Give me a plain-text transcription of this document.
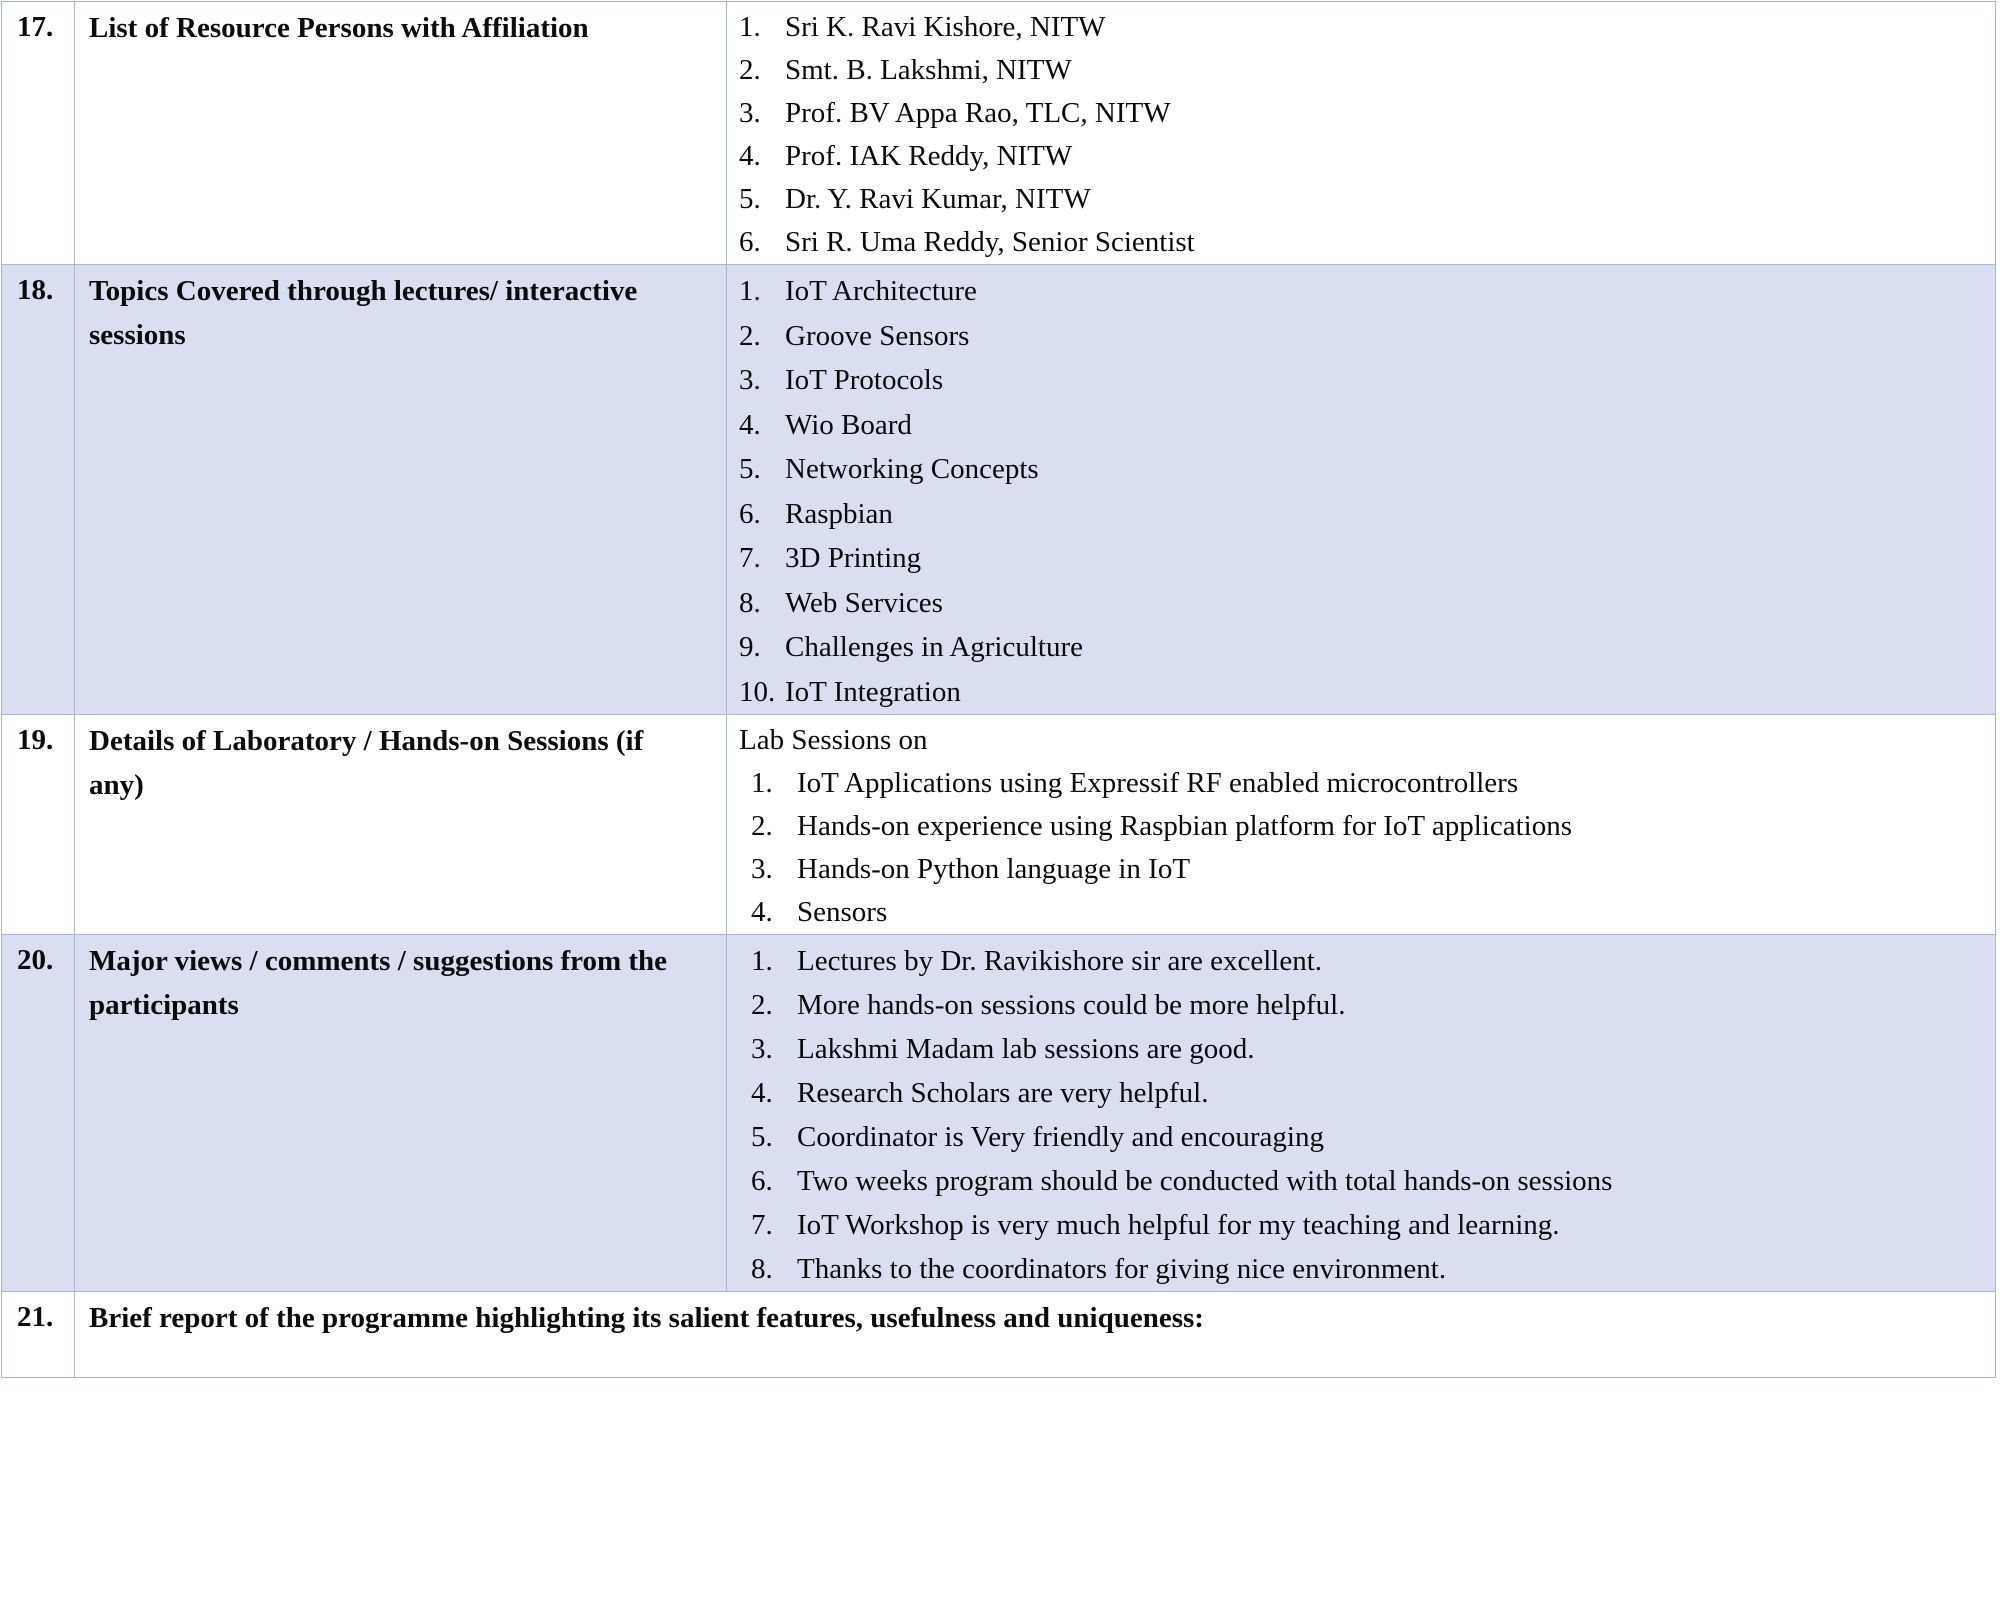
17.	List of Resource Persons with Affiliation	1. Sri K. Ravi Kishore, NITW
2. Smt. B. Lakshmi, NITW
3. Prof. BV Appa Rao, TLC, NITW
4. Prof. IAK Reddy, NITW
5. Dr. Y. Ravi Kumar, NITW
6. Sri R. Uma Reddy, Senior Scientist

18.	Topics Covered through lectures/ interactive sessions	
1. IoT Architecture
2. Groove Sensors
3. IoT Protocols
4. Wio Board
5. Networking Concepts
6. Raspbian
7. 3D Printing
8. Web Services
9. Challenges in Agriculture
10. IoT Integration

19.	Details of Laboratory / Hands-on Sessions (if any)	
Lab Sessions on
1. IoT Applications using Expressif RF enabled microcontrollers
2. Hands-on experience using Raspbian platform for IoT applications
3. Hands-on Python language in IoT
4. Sensors

20.	Major views / comments / suggestions from the participants	
1. Lectures by Dr. Ravikishore sir are excellent.
2. More hands-on sessions could be more helpful.
3. Lakshmi Madam lab sessions are good.
4. Research Scholars are very helpful.
5. Coordinator is Very friendly and encouraging
6. Two weeks program should be conducted with total hands-on sessions
7. IoT Workshop is very much helpful for my teaching and learning.
8. Thanks to the coordinators for giving nice environment.

21.	Brief report of the programme highlighting its salient features, usefulness and uniqueness:	
